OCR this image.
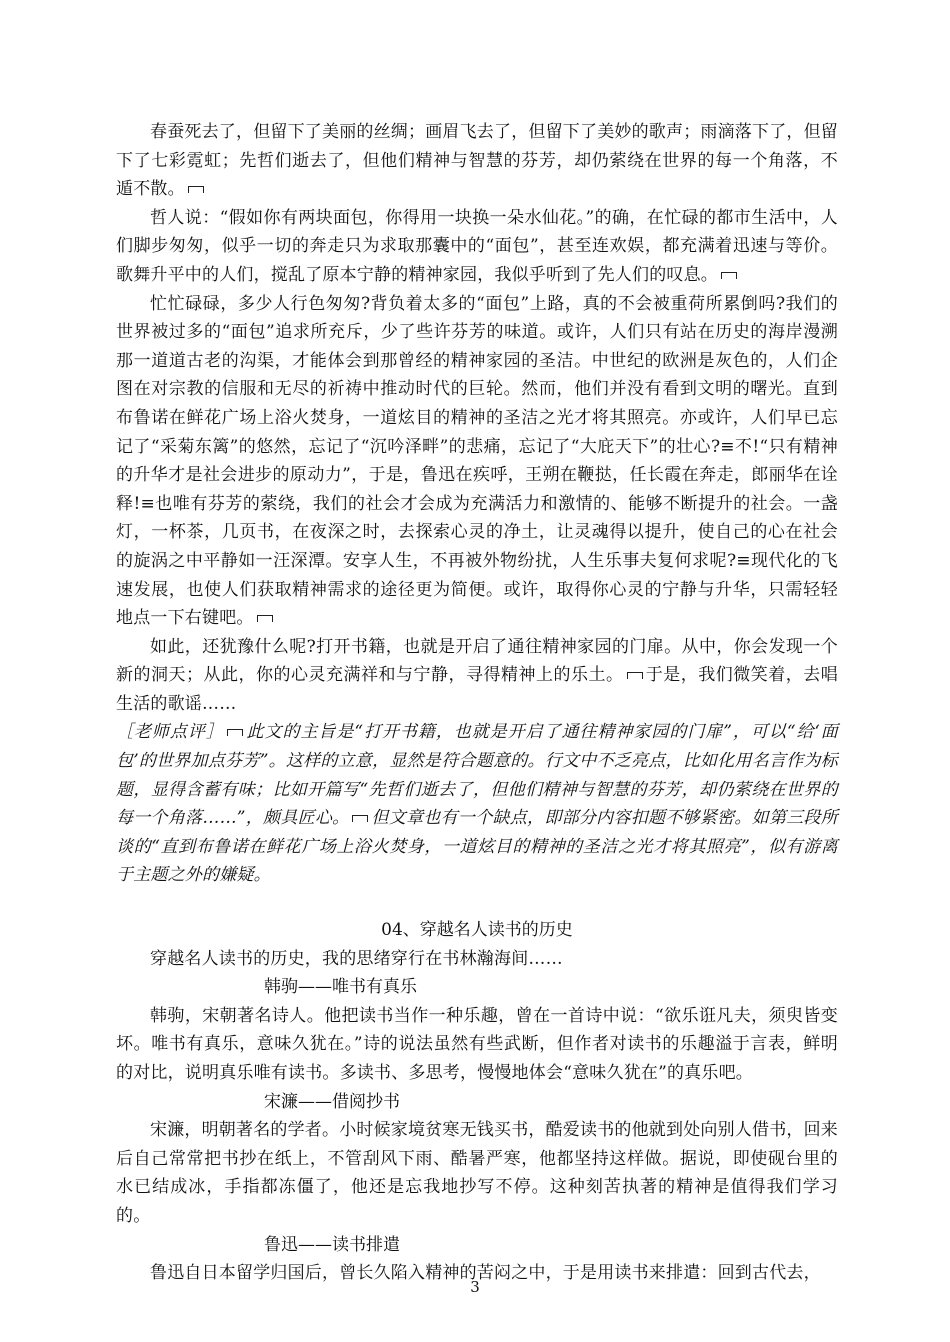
春蚕死去了，但留下了美丽的丝绸；画眉飞去了，但留下了美妙的歌声；雨滴落下了，但留下了七彩霓虹；先哲们逝去了，但他们精神与智慧的芬芳，却仍萦绕在世界的每一个角落，不遁不散。

哲人说：“假如你有两块面包，你得用一块换一朵水仙花。”的确，在忙碌的都市生活中，人们脚步匆匆，似乎一切的奔走只为求取那囊中的“面包”，甚至连欢娱，都充满着迅速与等价。歌舞升平中的人们，搅乱了原本宁静的精神家园，我似乎听到了先人们的叹息。

忙忙碌碌，多少人行色匆匆?背负着太多的“面包”上路，真的不会被重荷所累倒吗?我们的世界被过多的“面包”追求所充斥，少了些许芬芳的味道。或许，人们只有站在历史的海岸漫溯那一道道古老的沟渠，才能体会到那曾经的精神家园的圣洁。中世纪的欧洲是灰色的，人们企图在对宗教的信服和无尽的祈祷中推动时代的巨轮。然而，他们并没有看到文明的曙光。直到布鲁诺在鲜花广场上浴火焚身，一道炫目的精神的圣洁之光才将其照亮。亦或许，人们早已忘记了“采菊东篱”的悠然，忘记了“沉吟泽畔”的悲痛，忘记了“大庇天下”的壮心?≡不!“只有精神的升华才是社会进步的原动力”，于是，鲁迅在疾呼，王朔在鞭挞，任长霞在奔走，郎丽华在诠释!≡也唯有芬芳的萦绕，我们的社会才会成为充满活力和激情的、能够不断提升的社会。一盏灯，一杯茶，几页书，在夜深之时，去探索心灵的净土，让灵魂得以提升，使自己的心在社会的旋涡之中平静如一汪深潭。安享人生，不再被外物纷扰，人生乐事夫复何求呢?≡现代化的飞速发展，也使人们获取精神需求的途径更为简便。或许，取得你心灵的宁静与升华，只需轻轻地点一下右键吧。

如此，还犹豫什么呢?打开书籍，也就是开启了通往精神家园的门扉。从中，你会发现一个新的洞天；从此，你的心灵充满祥和与宁静，寻得精神上的乐土。 于是，我们微笑着，去唱生活的歌谣……

［老师点评］ 此文的主旨是“打开书籍，也就是开启了通往精神家园的门扉”，可以“给‘面包’的世界加点芬芳”。这样的立意，显然是符合题意的。行文中不乏亮点，比如化用名言作为标题，显得含蓄有味；比如开篇写“先哲们逝去了，但他们精神与智慧的芬芳，却仍萦绕在世界的每一个角落……”，颇具匠心。 但文章也有一个缺点，即部分内容扣题不够紧密。如第三段所谈的“直到布鲁诺在鲜花广场上浴火焚身，一道炫目的精神的圣洁之光才将其照亮”，似有游离于主题之外的嫌疑。

04、穿越名人读书的历史

穿越名人读书的历史，我的思绪穿行在书林瀚海间……

韩驹——唯书有真乐

韩驹，宋朝著名诗人。他把读书当作一种乐趣，曾在一首诗中说：“欲乐诳凡夫，须臾皆变坏。唯书有真乐，意味久犹在。”诗的说法虽然有些武断，但作者对读书的乐趣溢于言表，鲜明的对比，说明真乐唯有读书。多读书、多思考，慢慢地体会“意味久犹在”的真乐吧。

宋濂——借阅抄书

宋濂，明朝著名的学者。小时候家境贫寒无钱买书，酷爱读书的他就到处向别人借书，回来后自己常常把书抄在纸上，不管刮风下雨、酷暑严寒，他都坚持这样做。据说，即使砚台里的水已结成冰，手指都冻僵了，他还是忘我地抄写不停。这种刻苦执著的精神是值得我们学习的。

鲁迅——读书排遣

鲁迅自日本留学归国后，曾长久陷入精神的苦闷之中，于是用读书来排遣：回到古代去，

3
